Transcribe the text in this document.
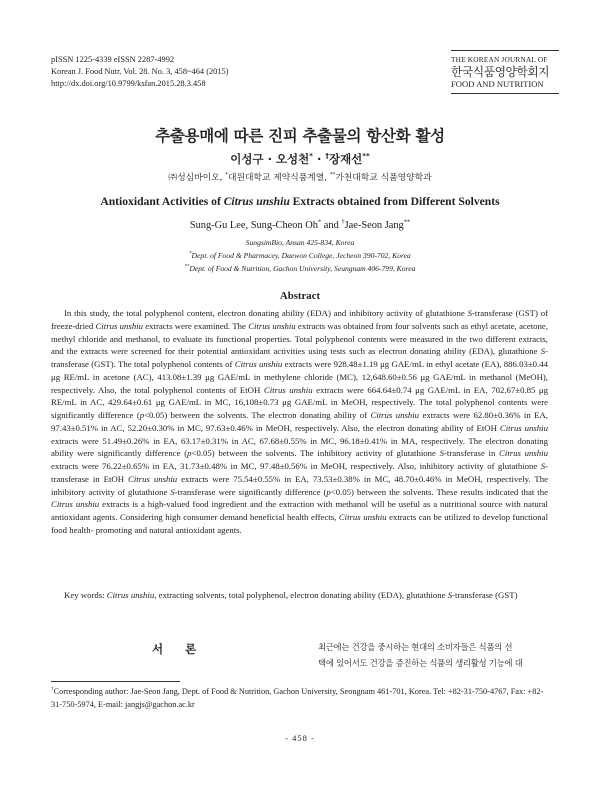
pISSN 1225-4339 eISSN 2287-4992
Korean J. Food Nutr. Vol. 28. No. 3, 458~464 (2015)
http://dx.doi.org/10.9799/ksfan.2015.28.3.458
THE KOREAN JOURNAL OF
한국식품영양학회지
FOOD AND NUTRITION
추출용매에 따른 진피 추출물의 항산화 활성
이성구 · 오성천* · †장재선**
㈜성심바이오, *대원대학교 제약식품계열, **가천대학교 식품영양학과
Antioxidant Activities of Citrus unshiu Extracts obtained from Different Solvents
Sung-Gu Lee, Sung-Cheon Oh* and †Jae-Seon Jang**
SungsimBio, Ansan 425-834, Korea
*Dept. of Food & Pharmacey, Daewon College, Jecheon 390-702, Korea
**Dept. of Food & Nutrition, Gachon University, Seungnam 406-799, Korea
Abstract
In this study, the total polyphenol content, electron donating ability (EDA) and inhibitory activity of glutathione S-transferase (GST) of freeze-dried Citrus unshiu extracts were examined. The Citrus unshiu extracts was obtained from four solvents such as ethyl acetate, acetone, methyl chloride and methanol, to evaluate its functional properties. Total polyphenol contents were measured in the two different extracts, and the extracts were screened for their potential antioxidant activities using tests such as electron donating ability (EDA), glutathione S-transferase (GST). The total polyphenol contents of Citrus unshiu extracts were 928.48±1.19 μg GAE/mL in ethyl acetate (EA), 886.03±0.44 μg RE/mL in acetone (AC), 413.08±1.39 μg GAE/mL in methylene chloride (MC), 12,648.60±0.56 μg GAE/mL in methanol (MeOH), respectively. Also, the total polyphenol contents of EtOH Citrus unshiu extracts were 664.64±0.74 μg GAE/mL in EA, 702.67±0.85 μg RE/mL in AC, 429.64±0.61 μg GAE/mL in MC, 16,108±0.73 μg GAE/mL in MeOH, respectively. The total polyphenol contents were significantly difference (p<0.05) between the solvents. The electron donating ability of Citrus unshiu extracts were 62.80±0.36% in EA, 97.43±0.51% in AC, 52.20±0.30% in MC, 97.63±0.46% in MeOH, respectively. Also, the electron donating ability of EtOH Citrus unshiu extracts were 51.49±0.26% in EA, 63.17±0.31% in AC, 67.68±0.55% in MC, 96.18±0.41% in MA, respectively. The electron donating ability were significantly difference (p<0.05) between the solvents. The inhibitory activity of glutathione S-transferase in Citrus unshiu extracts were 76.22±0.65% in EA, 31.73±0.48% in MC, 97.48±0.56% in MeOH, respectively. Also, inhibitory activity of glutathione S-transferase in EtOH Citrus unshiu extracts were 75.54±0.55% in EA, 73.53±0.38% in MC, 48.70±0.46% in MeOH, respectively. The inhibitory activity of glutathione S-transferase were significantly difference (p<0.05) between the solvents. These results indicated that the Citrus unshiu extracts is a high-valued food ingredient and the extraction with methanol will be useful as a nutritional source with natural antioxidant agents. Considering high consumer demand beneficial health effects, Citrus unshiu extracts can be utilized to develop functional food health- promoting and natural antioxidant agents.
Key words: Citrus unshiu, extracting solvents, total polyphenol, electron donating ability (EDA), glutathione S-transferase (GST)
서 론	최근에는 건강을 중시하는 현대의 소비자들은 식품의 선
택에 있어서도 건강을 증진하는 식품의 생리활성 기능에 대
†Corresponding author: Jae-Seon Jang, Dept. of Food & Nutrition, Gachon University, Seongnam 461-701, Korea. Tel: +82-31-750-4767, Fax: +82-31-750-5974, E-mail: jangjs@gachon.ac.kr
- 458 -
